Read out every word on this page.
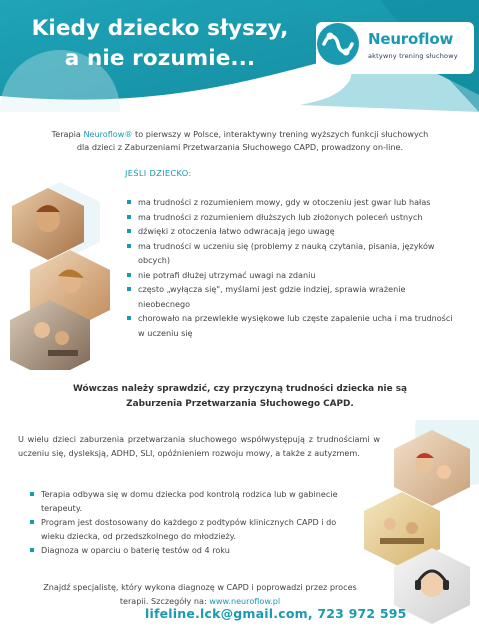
Kiedy dziecko słyszy,
a nie rozumie...
Neuroflow
aktywny trening słuchowy
Terapia Neuroflow® to pierwszy w Polsce, interaktywny trening wyższych funkcji słuchowych
dla dzieci z Zaburzeniami Przetwarzania Słuchowego CAPD, prowadzony on-line.
JEŚLI DZIECKO:
ma trudności z rozumieniem mowy, gdy w otoczeniu jest gwar lub hałas
ma trudności z rozumieniem dłuższych lub złożonych poleceń ustnych
dźwięki z otoczenia łatwo odwracają jego uwagę
ma trudności w uczeniu się (problemy z nauką czytania, pisania, języków obcych)
nie potrafi dłużej utrzymać uwagi na zdaniu
często „wyłącza się", myślami jest gdzie indziej, sprawia wrażenie nieobecnego
chorowało na przewlekłe wysiękowe lub częste zapalenie ucha i ma trudności w uczeniu się
Wówczas należy sprawdzić, czy przyczyną trudności dziecka nie są
Zaburzenia Przetwarzania Słuchowego CAPD.
U wielu dzieci zaburzenia przetwarzania słuchowego współwystępują z trudnościami w uczeniu się, dysleksją, ADHD, SLI, opóźnieniem rozwoju mowy, a także z autyzmem.
Terapia odbywa się w domu dziecka pod kontrolą rodzica lub w gabinecie terapeuty.
Program jest dostosowany do każdego z podtypów klinicznych CAPD i do wieku dziecka, od przedszkolnego do młodzieży.
Diagnoza w oparciu o baterię testów od 4 roku
Znajdź specjalistę, który wykona diagnozę w CAPD i poprowadzi przez proces
terapii. Szczegóły na: www.neuroflow.pl
lifeline.lck@gmail.com, 723 972 595
